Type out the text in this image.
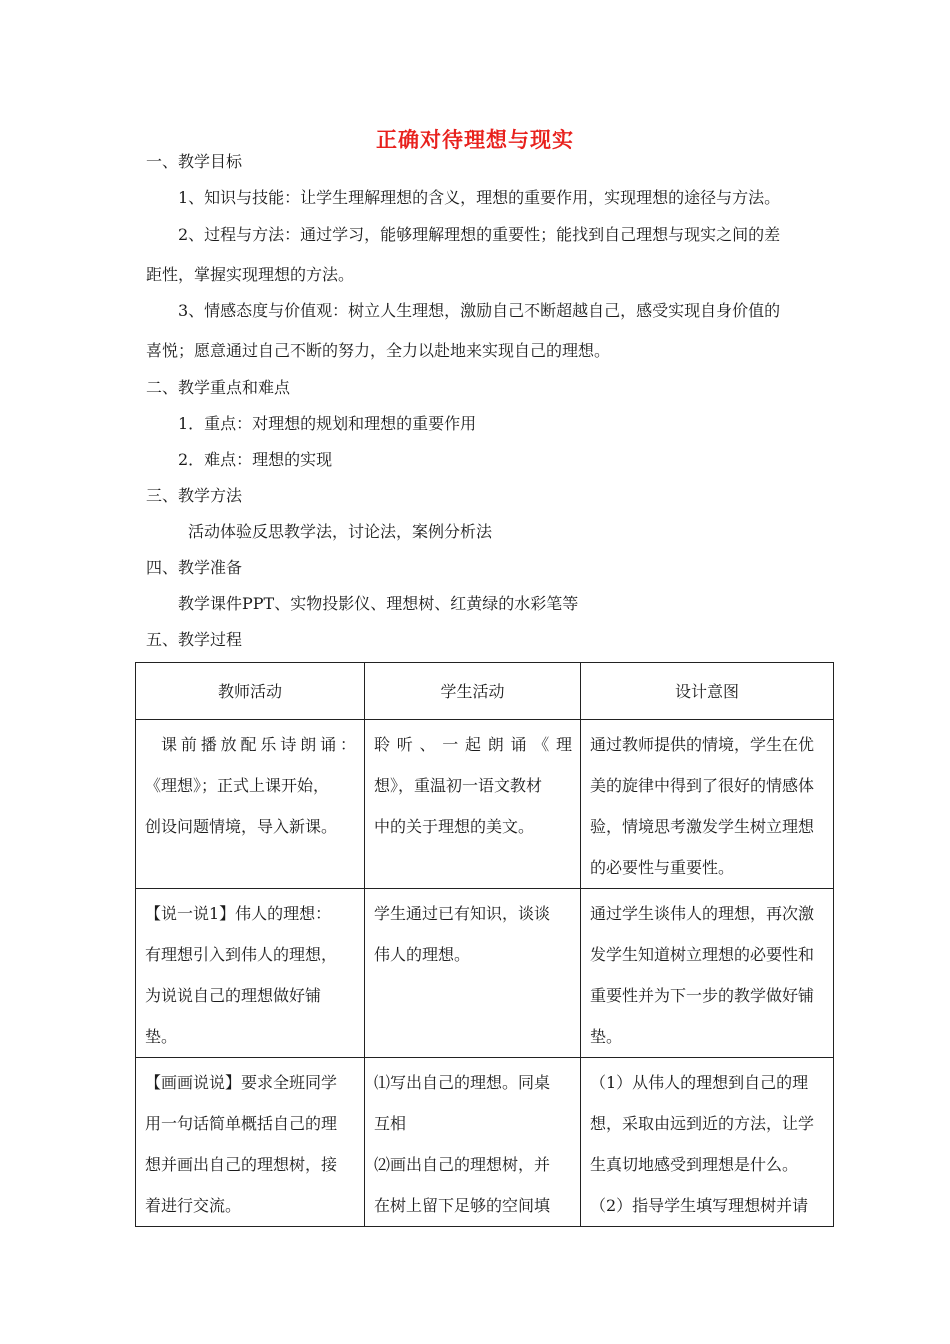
正确对待理想与现实
一、教学目标
1、知识与技能：让学生理解理想的含义，理想的重要作用，实现理想的途径与方法。
2、过程与方法：通过学习，能够理解理想的重要性；能找到自己理想与现实之间的差
距性，掌握实现理想的方法。
3、情感态度与价值观：树立人生理想，激励自己不断超越自己，感受实现自身价值的
喜悦；愿意通过自己不断的努力，全力以赴地来实现自己的理想。
二、教学重点和难点
1．重点：对理想的规划和理想的重要作用
2．难点：理想的实现
三、教学方法
活动体验反思教学法，讨论法，案例分析法
四、教学准备
教学课件PPT、实物投影仪、理想树、红黄绿的水彩笔等
五、教学过程
教师活动	学生活动	设计意图

课前播放配乐诗朗诵：
《理想》；正式上课开始，
创设问题情境，导入新课。	聆听、一起朗诵《理
想》，重温初一语文教材
中的关于理想的美文。	通过教师提供的情境，学生在优
美的旋律中得到了很好的情感体
验，情境思考激发学生树立理想
的必要性与重要性。

【说一说1】伟人的理想：
有理想引入到伟人的理想，
为说说自己的理想做好铺
垫。	学生通过已有知识，谈谈
伟人的理想。	通过学生谈伟人的理想，再次激
发学生知道树立理想的必要性和
重要性并为下一步的教学做好铺
垫。

【画画说说】要求全班同学
用一句话简单概括自己的理
想并画出自己的理想树，接
着进行交流。	⑴写出自己的理想。同桌
互相
⑵画出自己的理想树，并
在树上留下足够的空间填	（1）从伟人的理想到自己的理
想，采取由远到近的方法，让学
生真切地感受到理想是什么。
（2）指导学生填写理想树并请
